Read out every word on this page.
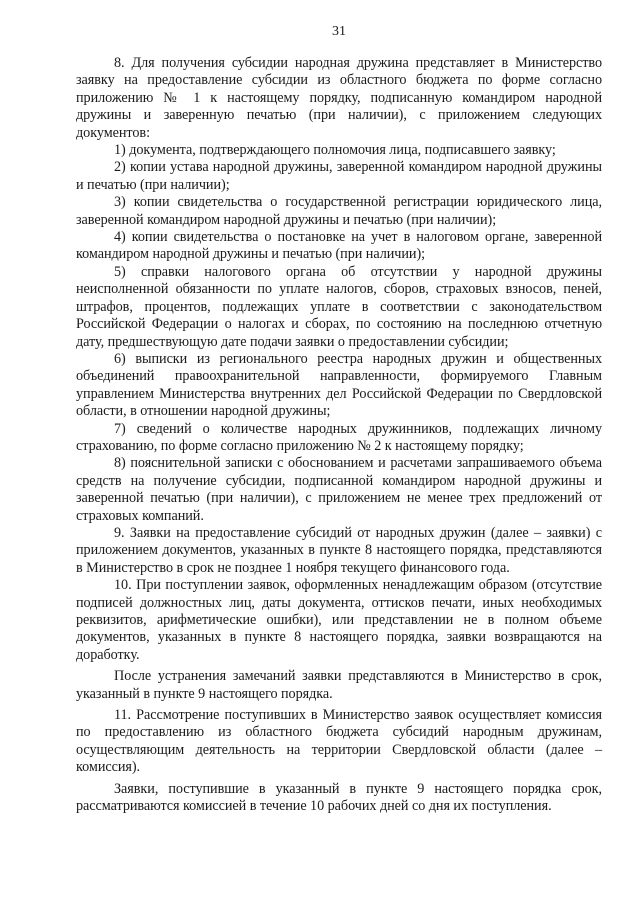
31

8. Для получения субсидии народная дружина представляет в Министерство заявку на предоставление субсидии из областного бюджета по форме согласно приложению № 1 к настоящему порядку, подписанную командиром народной дружины и заверенную печатью (при наличии), с приложением следующих документов:

1) документа, подтверждающего полномочия лица, подписавшего заявку;

2) копии устава народной дружины, заверенной командиром народной дружины и печатью (при наличии);

3) копии свидетельства о государственной регистрации юридического лица, заверенной командиром народной дружины и печатью (при наличии);

4) копии свидетельства о постановке на учет в налоговом органе, заверенной командиром народной дружины и печатью (при наличии);

5) справки налогового органа об отсутствии у народной дружины неисполненной обязанности по уплате налогов, сборов, страховых взносов, пеней, штрафов, процентов, подлежащих уплате в соответствии с законодательством Российской Федерации о налогах и сборах, по состоянию на последнюю отчетную дату, предшествующую дате подачи заявки о предоставлении субсидии;

6) выписки из регионального реестра народных дружин и общественных объединений правоохранительной направленности, формируемого Главным управлением Министерства внутренних дел Российской Федерации по Свердловской области, в отношении народной дружины;

7) сведений о количестве народных дружинников, подлежащих личному страхованию, по форме согласно приложению № 2 к настоящему порядку;

8) пояснительной записки с обоснованием и расчетами запрашиваемого объема средств на получение субсидии, подписанной командиром народной дружины и заверенной печатью (при наличии), с приложением не менее трех предложений от страховых компаний.

9. Заявки на предоставление субсидий от народных дружин (далее – заявки) с приложением документов, указанных в пункте 8 настоящего порядка, представляются в Министерство в срок не позднее 1 ноября текущего финансового года.

10. При поступлении заявок, оформленных ненадлежащим образом (отсутствие подписей должностных лиц, даты документа, оттисков печати, иных необходимых реквизитов, арифметические ошибки), или представлении не в полном объеме документов, указанных в пункте 8 настоящего порядка, заявки возвращаются на доработку.

После устранения замечаний заявки представляются в Министерство в срок, указанный в пункте 9 настоящего порядка.

11. Рассмотрение поступивших в Министерство заявок осуществляет комиссия по предоставлению из областного бюджета субсидий народным дружинам, осуществляющим деятельность на территории Свердловской области (далее – комиссия).

Заявки, поступившие в указанный в пункте 9 настоящего порядка срок, рассматриваются комиссией в течение 10 рабочих дней со дня их поступления.
